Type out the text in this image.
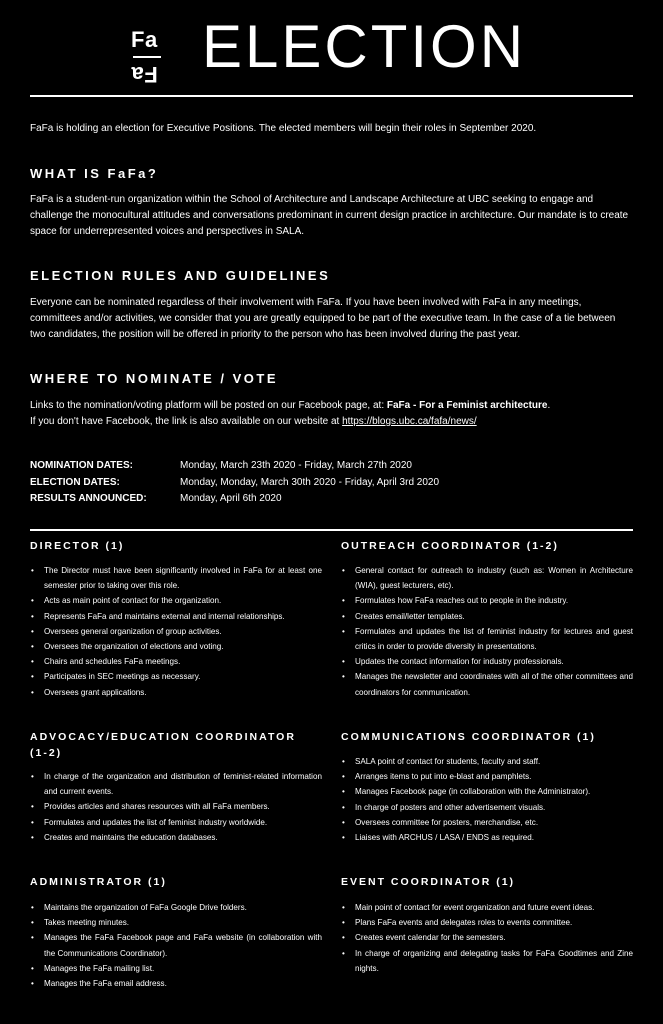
Fa
Fa ELECTION
FaFa is holding an election for Executive Positions. The elected members will begin their roles in September 2020.
WHAT IS FaFa?
FaFa is a student-run organization within the School of Architecture and Landscape Architecture at UBC seeking to engage and challenge the monocultural attitudes and conversations predominant in current design practice in architecture. Our mandate is to create space for underrepresented voices and perspectives in SALA.
ELECTION RULES AND GUIDELINES
Everyone can be nominated regardless of their involvement with FaFa. If you have been involved with FaFa in any meetings, committees and/or activities, we consider that you are greatly equipped to be part of the executive team. In the case of a tie between two candidates, the position will be offered in priority to the person who has been involved during the past year.
WHERE TO NOMINATE / VOTE
Links to the nomination/voting platform will be posted on our Facebook page, at: FaFa - For a Feminist architecture.
If you don't have Facebook, the link is also available on our website at https://blogs.ubc.ca/fafa/news/
NOMINATION DATES:	Monday, March 23th 2020 - Friday, March 27th 2020
ELECTION DATES:	Monday, Monday, March 30th 2020 - Friday, April 3rd 2020
RESULTS ANNOUNCED:	Monday, April 6th 2020
DIRECTOR (1)
• The Director must have been significantly involved in FaFa for at least one semester prior to taking over this role.
• Acts as main point of contact for the organization.
• Represents FaFa and maintains external and internal relationships.
• Oversees general organization of group activities.
• Oversees the organization of elections and voting.
• Chairs and schedules FaFa meetings.
• Participates in SEC meetings as necessary.
• Oversees grant applications.
OUTREACH COORDINATOR (1-2)
• General contact for outreach to industry (such as: Women in Architecture (WIA), guest lecturers, etc).
• Formulates how FaFa reaches out to people in the industry.
• Creates email/letter templates.
• Formulates and updates the list of feminist industry for lectures and guest critics in order to provide diversity in presentations.
• Updates the contact information for industry professionals.
• Manages the newsletter and coordinates with all of the other committees and coordinators for communication.
ADVOCACY/EDUCATION COORDINATOR
(1-2)
• In charge of the organization and distribution of feminist-related information and current events.
• Provides articles and shares resources with all FaFa members.
• Formulates and updates the list of feminist industry worldwide.
• Creates and maintains the education databases.
COMMUNICATIONS COORDINATOR (1)
• SALA point of contact for students, faculty and staff.
• Arranges items to put into e-blast and pamphlets.
• Manages Facebook page (in collaboration with the Administrator).
• In charge of posters and other advertisement visuals.
• Oversees committee for posters, merchandise, etc.
• Liaises with ARCHUS / LASA / ENDS as required.
ADMINISTRATOR (1)
• Maintains the organization of FaFa Google Drive folders.
• Takes meeting minutes.
• Manages the FaFa Facebook page and FaFa website (in collaboration with the Communications Coordinator).
• Manages the FaFa mailing list.
• Manages the FaFa email address.
EVENT COORDINATOR (1)
• Main point of contact for event organization and future event ideas.
• Plans FaFa events and delegates roles to events committee.
• Creates event calendar for the semesters.
• In charge of organizing and delegating tasks for FaFa Goodtimes and Zine nights.
